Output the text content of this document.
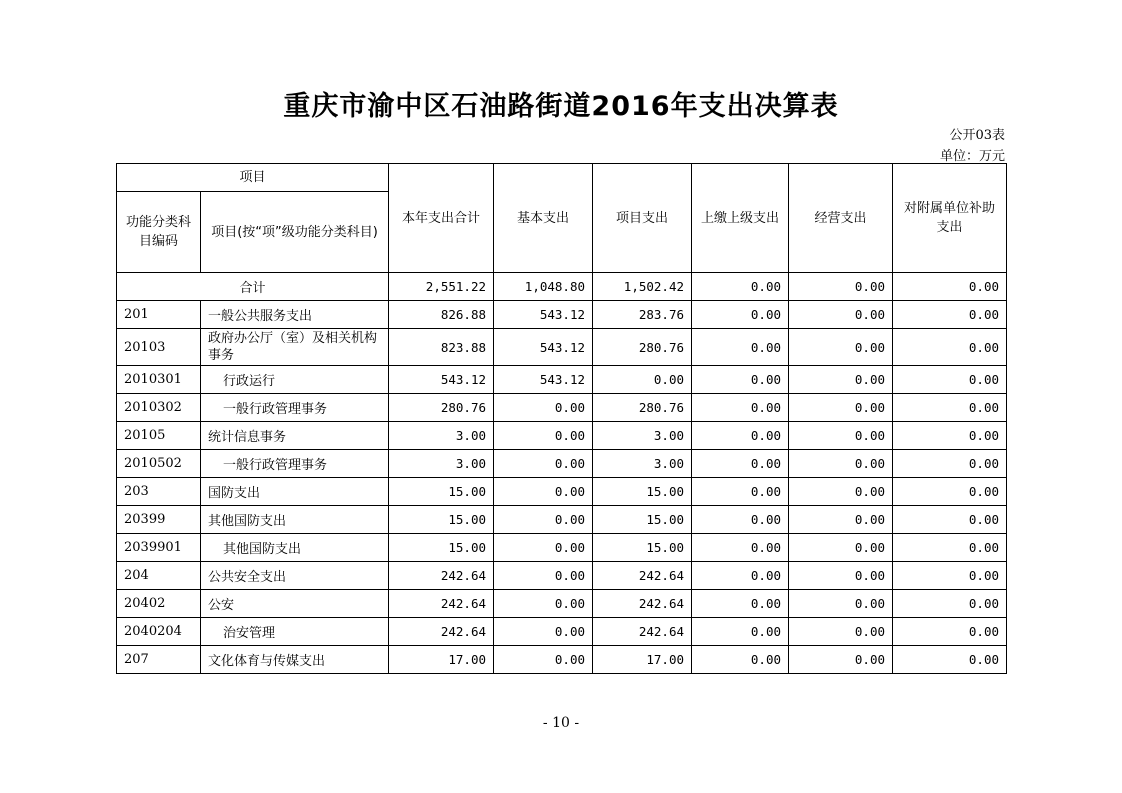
重庆市渝中区石油路街道2016年支出决算表
公开03表
单位：万元
项目		本年支出合计	基本支出	项目支出	上缴上级支出	经营支出	对附属单位补助支出
功能分类科目编码	项目(按“项”级功能分类科目)						
合计		2,551.22	1,048.80	1,502.42	0.00	0.00	0.00
201	一般公共服务支出	826.88	543.12	283.76	0.00	0.00	0.00
20103	政府办公厅（室）及相关机构事务	823.88	543.12	280.76	0.00	0.00	0.00
2010301	行政运行	543.12	543.12	0.00	0.00	0.00	0.00
2010302	一般行政管理事务	280.76	0.00	280.76	0.00	0.00	0.00
20105	统计信息事务	3.00	0.00	3.00	0.00	0.00	0.00
2010502	一般行政管理事务	3.00	0.00	3.00	0.00	0.00	0.00
203	国防支出	15.00	0.00	15.00	0.00	0.00	0.00
20399	其他国防支出	15.00	0.00	15.00	0.00	0.00	0.00
2039901	其他国防支出	15.00	0.00	15.00	0.00	0.00	0.00
204	公共安全支出	242.64	0.00	242.64	0.00	0.00	0.00
20402	公安	242.64	0.00	242.64	0.00	0.00	0.00
2040204	治安管理	242.64	0.00	242.64	0.00	0.00	0.00
207	文化体育与传媒支出	17.00	0.00	17.00	0.00	0.00	0.00
- 10 -
